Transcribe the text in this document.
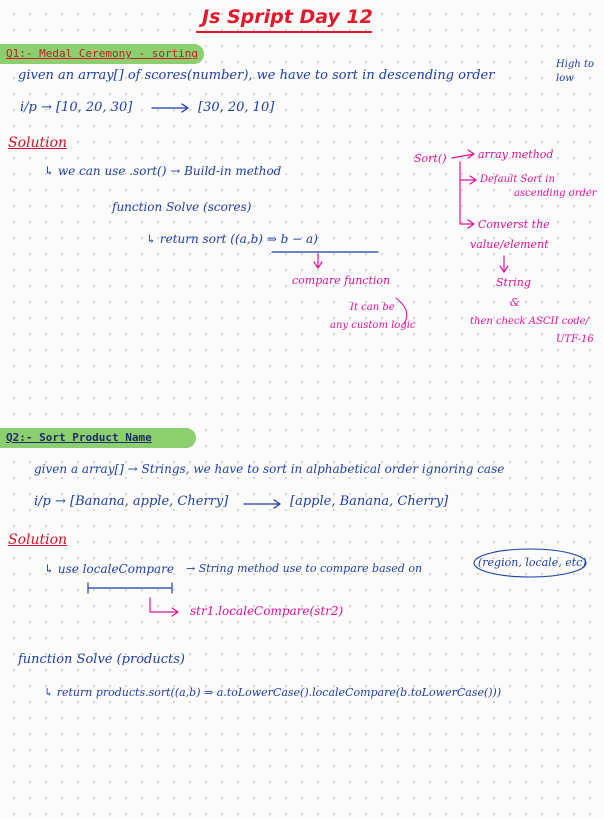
Js Spript Day 12
Q1:- Medal Ceremony - sorting
given an array[] of scores(number), we have to sort in descending order
High to low
i/p → [10, 20, 30]	[30, 20, 10]
Solution
↳ we can use .sort() → Build-in method
function Solve (scores)
↳ return sort ((a,b) ⇒ b − a)
compare function
It can be
any custom logic
Sort()	array method
Default Sort in
ascending order
Converst the
value/element
String
&
then check ASCII code/
UTF-16
Q2:- Sort Product Name
given a array[] → Strings, we have to sort in alphabetical order ignoring case
i/p → [Banana, apple, Cherry]	[apple, Banana, Cherry]
Solution
↳ use localeCompare → String method use to compare based on	(region, locale, etc)
str1.localeCompare(str2)
function Solve (products)
↳ return products.sort((a,b) ⇒ a.toLowerCase().localeCompare(b.toLowerCase()))
